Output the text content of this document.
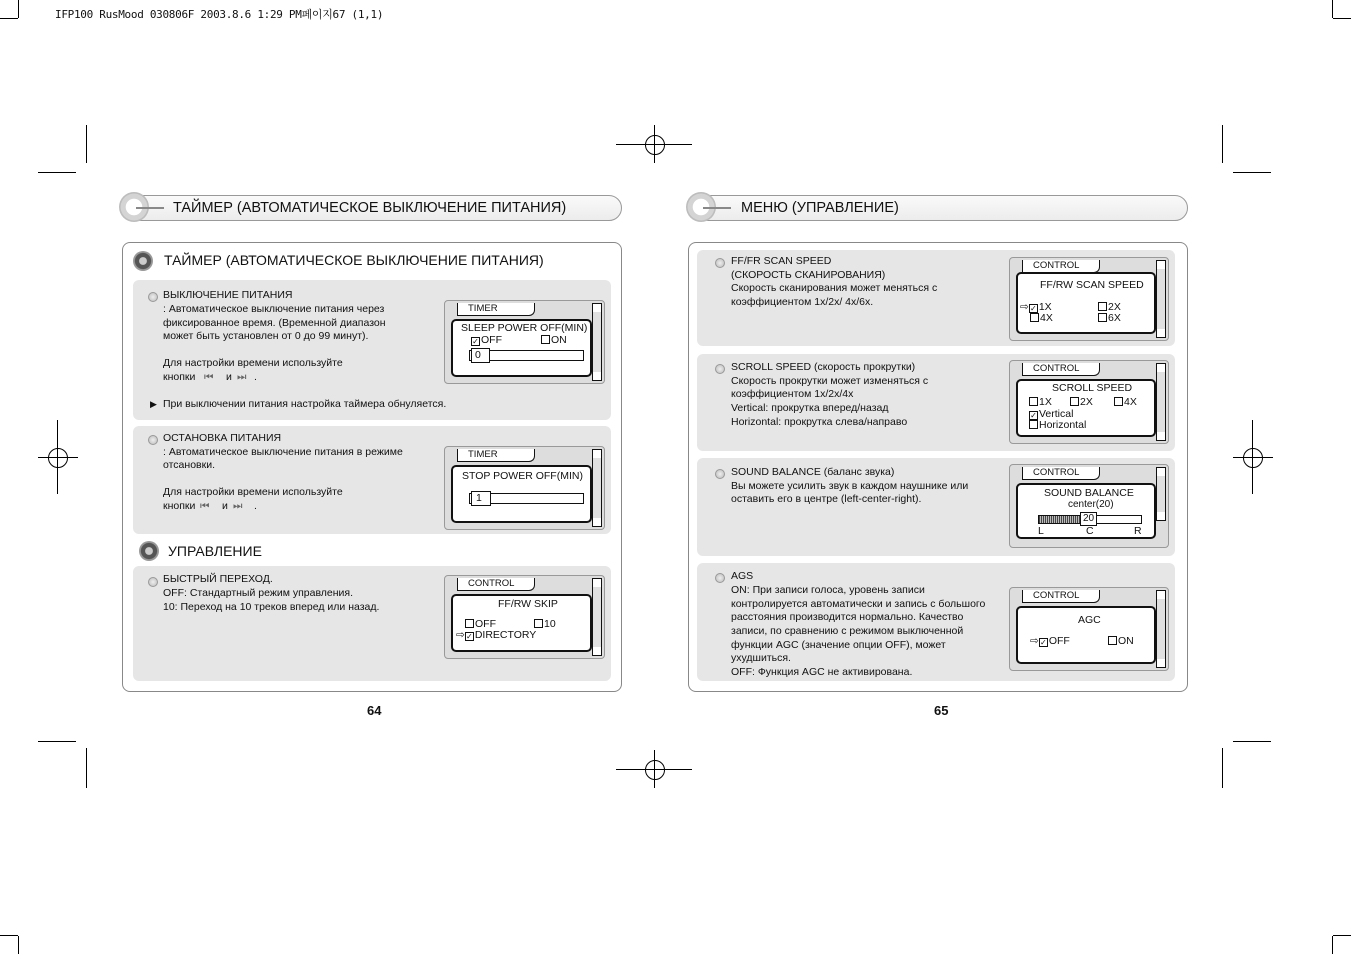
IFP100 RusMood 030806F 2003.8.6 1:29 PM페이지67 (1,1)
ТАЙМЕР (АВТОМАТИЧЕСКОЕ ВЫКЛЮЧЕНИЕ ПИТАНИЯ)
ТАЙМЕР (АВТОМАТИЧЕСКОЕ ВЫКЛЮЧЕНИЕ ПИТАНИЯ)
ВЫКЛЮЧЕНИЕ ПИТАНИЯ
: Автоматическое выключение питания через
фиксированное время. (Временной диапазон
может быть установлен от 0 до 99 минут).
Для настройки времени используйте
кнопки ⏮ и ⏭ .
▶ При выключении питания настройка таймера обнуляется.
TIMER
SLEEP POWER OFF(MIN)
✓ OFF	ON
0
ОСТАНОВКА ПИТАНИЯ
: Автоматическое выключение питания в режиме
отсановки.
Для настройки времени используйте
кнопки ⏮ и ⏭ .
TIMER
STOP POWER OFF(MIN)
1
УПРАВЛЕНИЕ
БЫСТРЫЙ ПЕРЕХОД.
OFF: Стандартный режим управления.
10: Переход на 10 треков вперед или назад.
CONTROL
FF/RW SKIP
OFF	10
⇨✓ DIRECTORY
64
МЕНЮ (УПРАВЛЕНИЕ)
FF/FR SCAN SPEED
(СКОРОСТЬ СКАНИРОВАНИЯ)
Скорость сканирования может меняться с
коэффициентом 1x/2x/ 4x/6x.
CONTROL
FF/RW SCAN SPEED
⇨✓ 1X	2X
4X	6X
SCROLL SPEED (скорость прокрутки)
Скорость прокрутки может изменяться с
коэффициентом 1x/2x/4x
Vertical: прокрутка вперед/назад
Horizontal: прокрутка слева/направо
CONTROL
SCROLL SPEED
1X	2X	4X
✓ Vertical
Horizontal
SOUND BALANCE (баланс звука)
Вы можете усилить звук в каждом наушнике или
оставить его в центре (left-center-right).
CONTROL
SOUND BALANCE
center(20)
20
L	C	R
AGS
ON: При записи голоса, уровень записи
контролируется автоматически и запись с большого
расстояния производится нормально. Качество
записи, по сравнению с режимом выключенной
функции AGC (значение опции OFF), может
ухудшиться.
OFF: Функция AGC не активирована.
CONTROL
AGC
⇨✓ OFF	ON
65
